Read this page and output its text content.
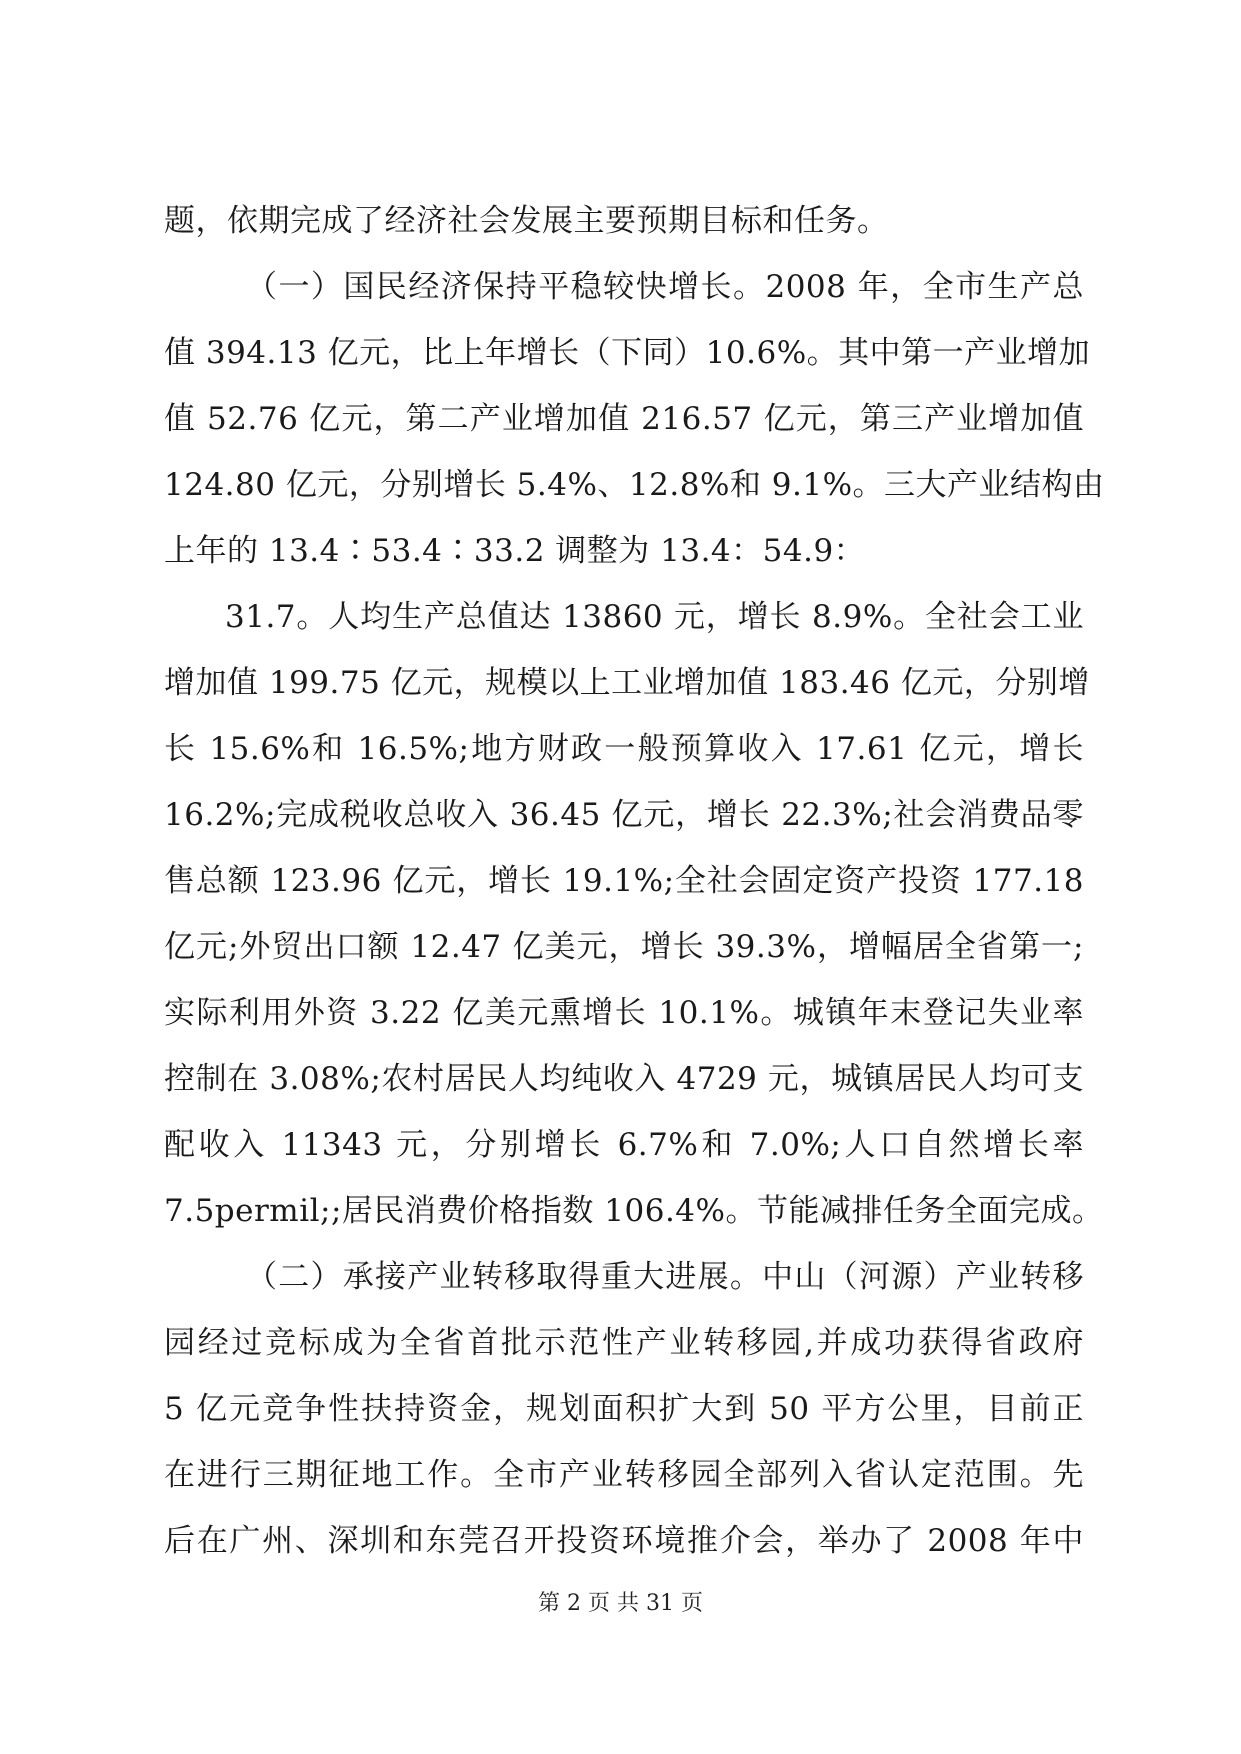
题，依期完成了经济社会发展主要预期目标和任务。
（一）国民经济保持平稳较快增长。2008 年，全市生产总
值 394.13 亿元，比上年增长（下同）10.6%。其中第一产业增加
值 52.76 亿元，第二产业增加值 216.57 亿元，第三产业增加值
124.80 亿元，分别增长 5.4%、12.8%和 9.1%。三大产业结构由
上年的 13.4∶53.4∶33.2 调整为 13.4：54.9：
31.7。人均生产总值达 13860 元，增长 8.9%。全社会工业
增加值 199.75 亿元，规模以上工业增加值 183.46 亿元，分别增
长 15.6%和 16.5%;地方财政一般预算收入 17.61 亿元，增长
16.2%;完成税收总收入 36.45 亿元，增长 22.3%;社会消费品零
售总额 123.96 亿元，增长 19.1%;全社会固定资产投资 177.18
亿元;外贸出口额 12.47 亿美元，增长 39.3%，增幅居全省第一;
实际利用外资 3.22 亿美元熏增长 10.1%。城镇年末登记失业率
控制在 3.08%;农村居民人均纯收入 4729 元，城镇居民人均可支
配收入 11343 元，分别增长 6.7%和 7.0%;人口自然增长率
7.5permil;;居民消费价格指数 106.4%。节能减排任务全面完成。
（二）承接产业转移取得重大进展。中山（河源）产业转移
园经过竞标成为全省首批示范性产业转移园,并成功获得省政府
5 亿元竞争性扶持资金，规划面积扩大到 50 平方公里，目前正
在进行三期征地工作。全市产业转移园全部列入省认定范围。先
后在广州、深圳和东莞召开投资环境推介会，举办了 2008 年中
第 2 页 共 31 页
